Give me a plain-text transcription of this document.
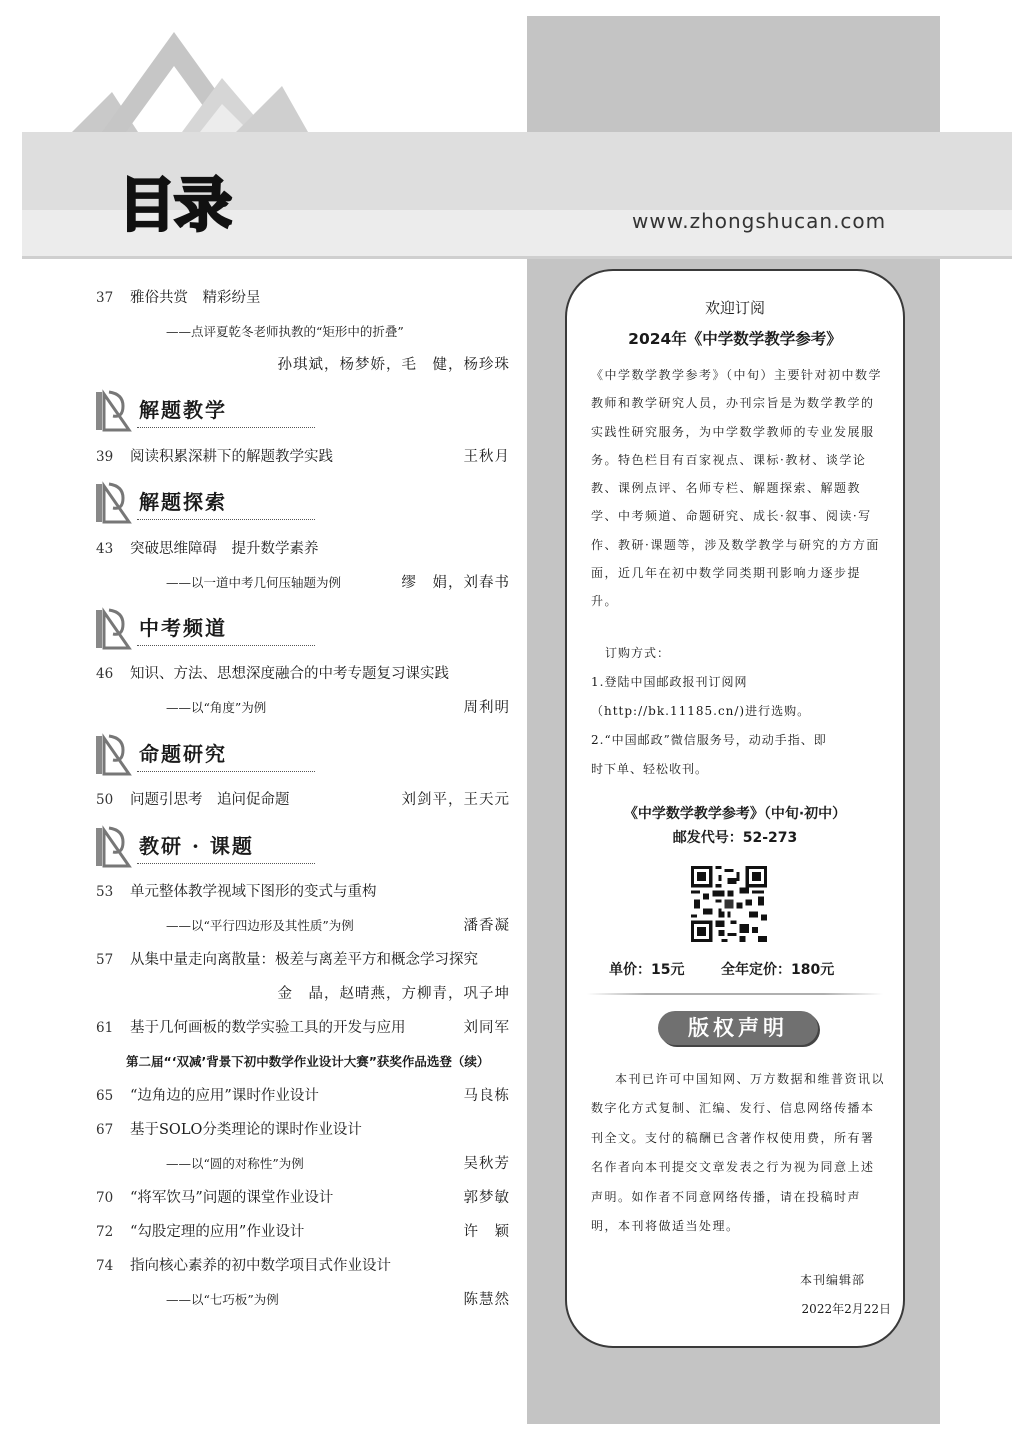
目录	www.zhongshucan.com
37	雅俗共赏　精彩纷呈
——点评夏乾冬老师执教的“矩形中的折叠”
孙琪斌，杨梦娇，毛　健，杨珍珠
解题教学
39	阅读积累深耕下的解题教学实践	王秋月
解题探索
43	突破思维障碍　提升数学素养
——以一道中考几何压轴题为例	缪　娟，刘春书
中考频道
46	知识、方法、思想深度融合的中考专题复习课实践
——以“角度”为例	周利明
命题研究
50	问题引思考　追问促命题	刘剑平，王天元
教研 · 课题
53	单元整体教学视域下图形的变式与重构
——以“平行四边形及其性质”为例	潘香凝
57	从集中量走向离散量：极差与离差平方和概念学习探究
金　晶，赵晴燕，方柳青，巩子坤
61	基于几何画板的数学实验工具的开发与应用	刘同军
第二届“‘双减’背景下初中数学作业设计大赛”获奖作品选登（续）
65	“边角边的应用”课时作业设计	马良栋
67	基于SOLO分类理论的课时作业设计
——以“圆的对称性”为例	吴秋芳
70	“将军饮马”问题的课堂作业设计	郭梦敏
72	“勾股定理的应用”作业设计	许　颖
74	指向核心素养的初中数学项目式作业设计
——以“七巧板”为例	陈慧然
欢迎订阅
2024年《中学数学教学参考》
《中学数学教学参考》（中旬）主要针对初中数学教师和教学研究人员，办刊宗旨是为数学教学的实践性研究服务，为中学数学教师的专业发展服务。特色栏目有百家视点、课标·教材、谈学论教、课例点评、名师专栏、解题探索、解题教学、中考频道、命题研究、成长·叙事、阅读·写作、教研·课题等，涉及数学教学与研究的方方面面，近几年在初中数学同类期刊影响力逐步提升。
订购方式：
1.登陆中国邮政报刊订阅网
（http://bk.11185.cn/)进行选购。
2.“中国邮政”微信服务号，动动手指、即
时下单、轻松收刊。
《中学数学教学参考》（中旬·初中）
邮发代号：52-273
单价：15元	全年定价：180元
版权声明
本刊已许可中国知网、万方数据和维普资讯以数字化方式复制、汇编、发行、信息网络传播本刊全文。支付的稿酬已含著作权使用费，所有署名作者向本刊提交文章发表之行为视为同意上述声明。如作者不同意网络传播，请在投稿时声明，本刊将做适当处理。
本刊编辑部
2022年2月22日
